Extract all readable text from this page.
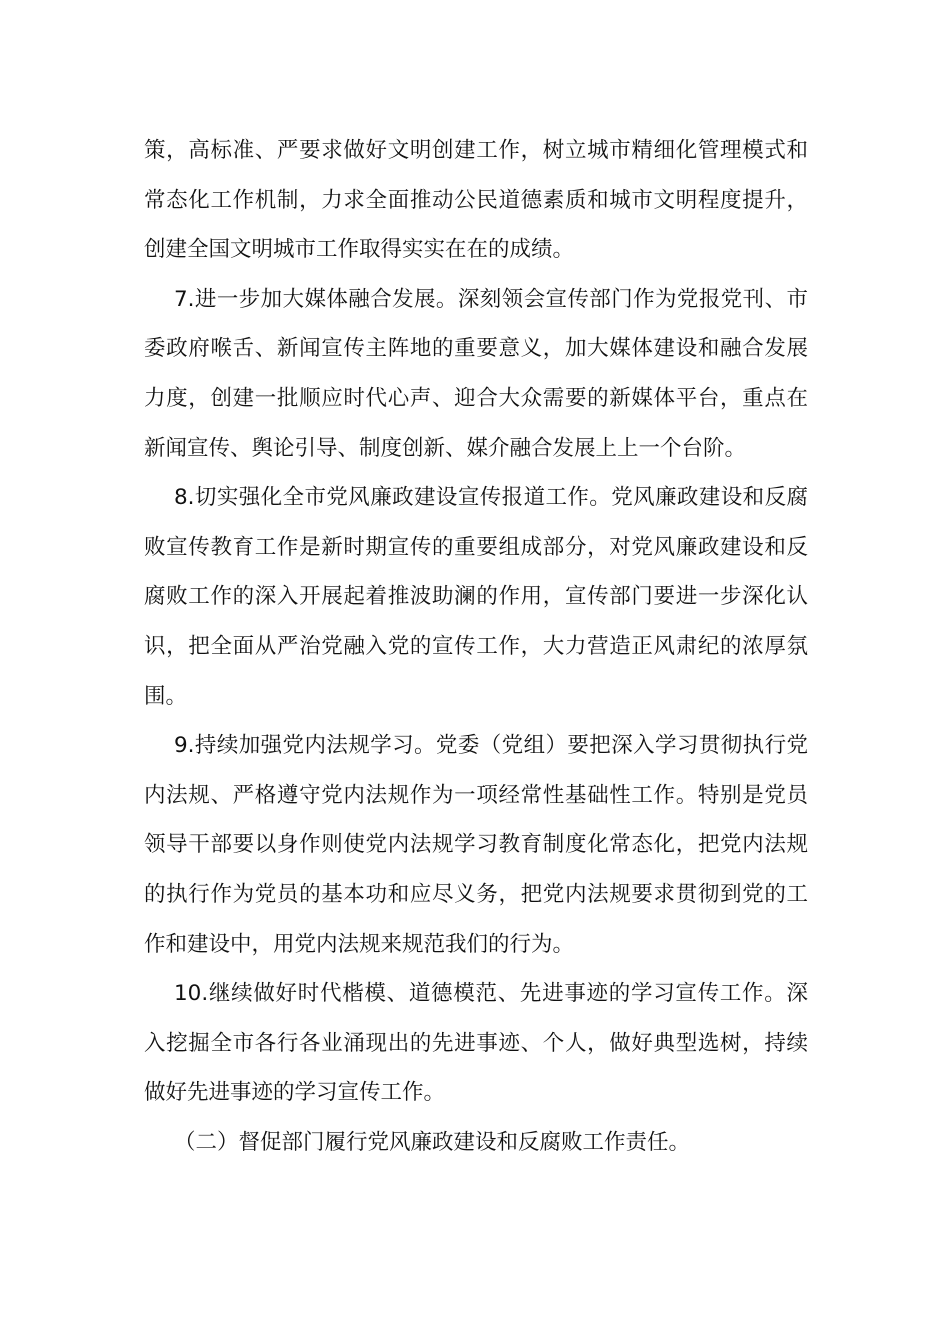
策，高标准、严要求做好文明创建工作，树立城市精细化管理模式和常态化工作机制，力求全面推动公民道德素质和城市文明程度提升，创建全国文明城市工作取得实实在在的成绩。

7.进一步加大媒体融合发展。深刻领会宣传部门作为党报党刊、市委政府喉舌、新闻宣传主阵地的重要意义，加大媒体建设和融合发展力度，创建一批顺应时代心声、迎合大众需要的新媒体平台，重点在新闻宣传、舆论引导、制度创新、媒介融合发展上上一个台阶。

8.切实强化全市党风廉政建设宣传报道工作。党风廉政建设和反腐败宣传教育工作是新时期宣传的重要组成部分，对党风廉政建设和反腐败工作的深入开展起着推波助澜的作用，宣传部门要进一步深化认识，把全面从严治党融入党的宣传工作，大力营造正风肃纪的浓厚氛围。

9.持续加强党内法规学习。党委（党组）要把深入学习贯彻执行党内法规、严格遵守党内法规作为一项经常性基础性工作。特别是党员领导干部要以身作则使党内法规学习教育制度化常态化，把党内法规的执行作为党员的基本功和应尽义务，把党内法规要求贯彻到党的工作和建设中，用党内法规来规范我们的行为。

10.继续做好时代楷模、道德模范、先进事迹的学习宣传工作。深入挖掘全市各行各业涌现出的先进事迹、个人，做好典型选树，持续做好先进事迹的学习宣传工作。

（二）督促部门履行党风廉政建设和反腐败工作责任。
